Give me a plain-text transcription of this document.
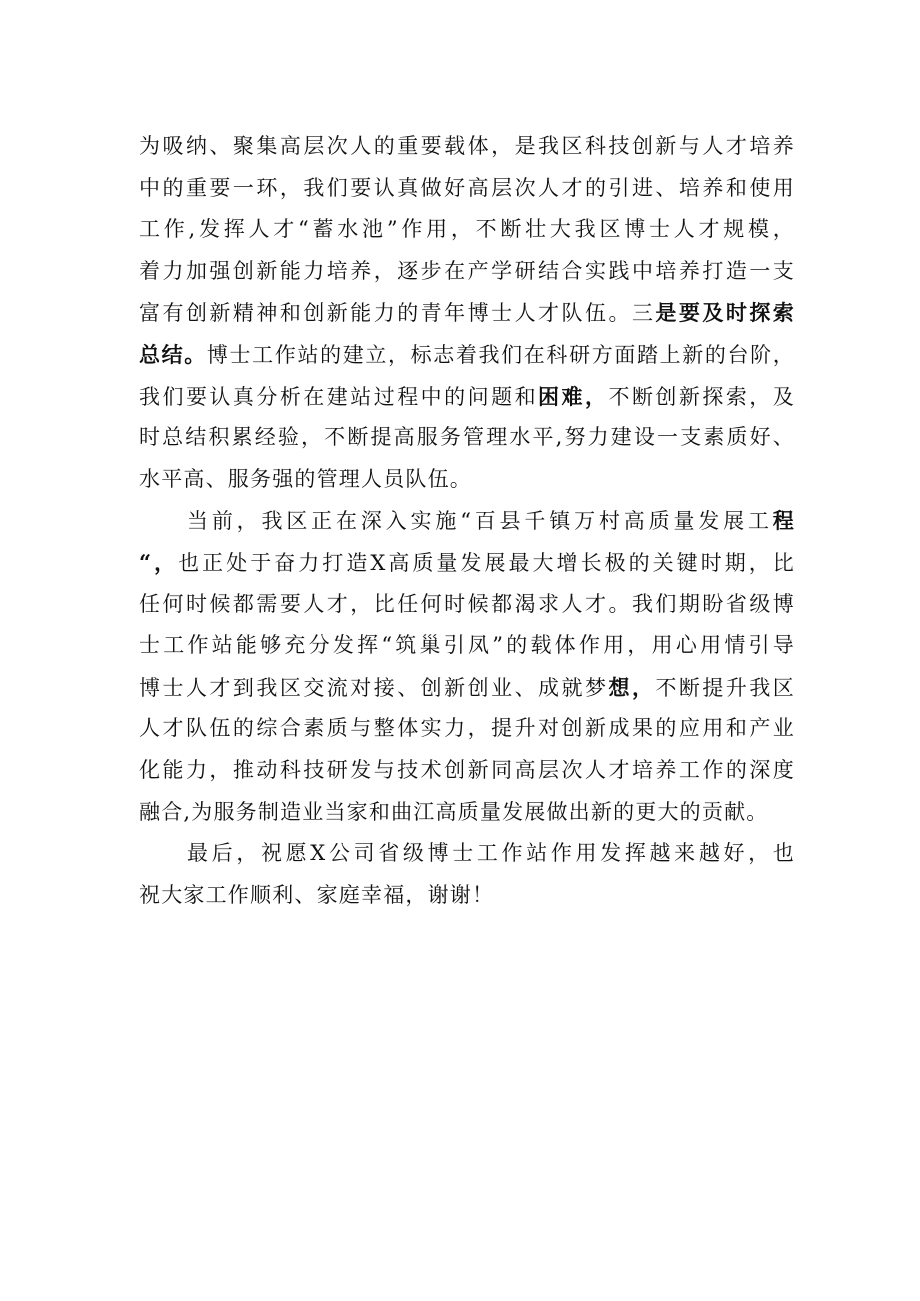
为吸纳、聚集高层次人的重要载体，是我区科技创新与人才培养
中的重要一环，我们要认真做好高层次人才的引进、培养和使用
工作,发挥人才“蓄水池”作用，不断壮大我区博士人才规模，
着力加强创新能力培养，逐步在产学研结合实践中培养打造一支
富有创新精神和创新能力的青年博士人才队伍。三是要及时探索
总结。博士工作站的建立，标志着我们在科研方面踏上新的台阶，
我们要认真分析在建站过程中的问题和困难，不断创新探索，及
时总结积累经验，不断提高服务管理水平,努力建设一支素质好、
水平高、服务强的管理人员队伍。
当前，我区正在深入实施“百县千镇万村高质量发展工程
“，也正处于奋力打造X高质量发展最大增长极的关键时期，比
任何时候都需要人才，比任何时候都渴求人才。我们期盼省级博
士工作站能够充分发挥“筑巢引凤”的载体作用，用心用情引导
博士人才到我区交流对接、创新创业、成就梦想，不断提升我区
人才队伍的综合素质与整体实力，提升对创新成果的应用和产业
化能力，推动科技研发与技术创新同高层次人才培养工作的深度
融合,为服务制造业当家和曲江高质量发展做出新的更大的贡献。
最后，祝愿X公司省级博士工作站作用发挥越来越好，也
祝大家工作顺利、家庭幸福，谢谢！
